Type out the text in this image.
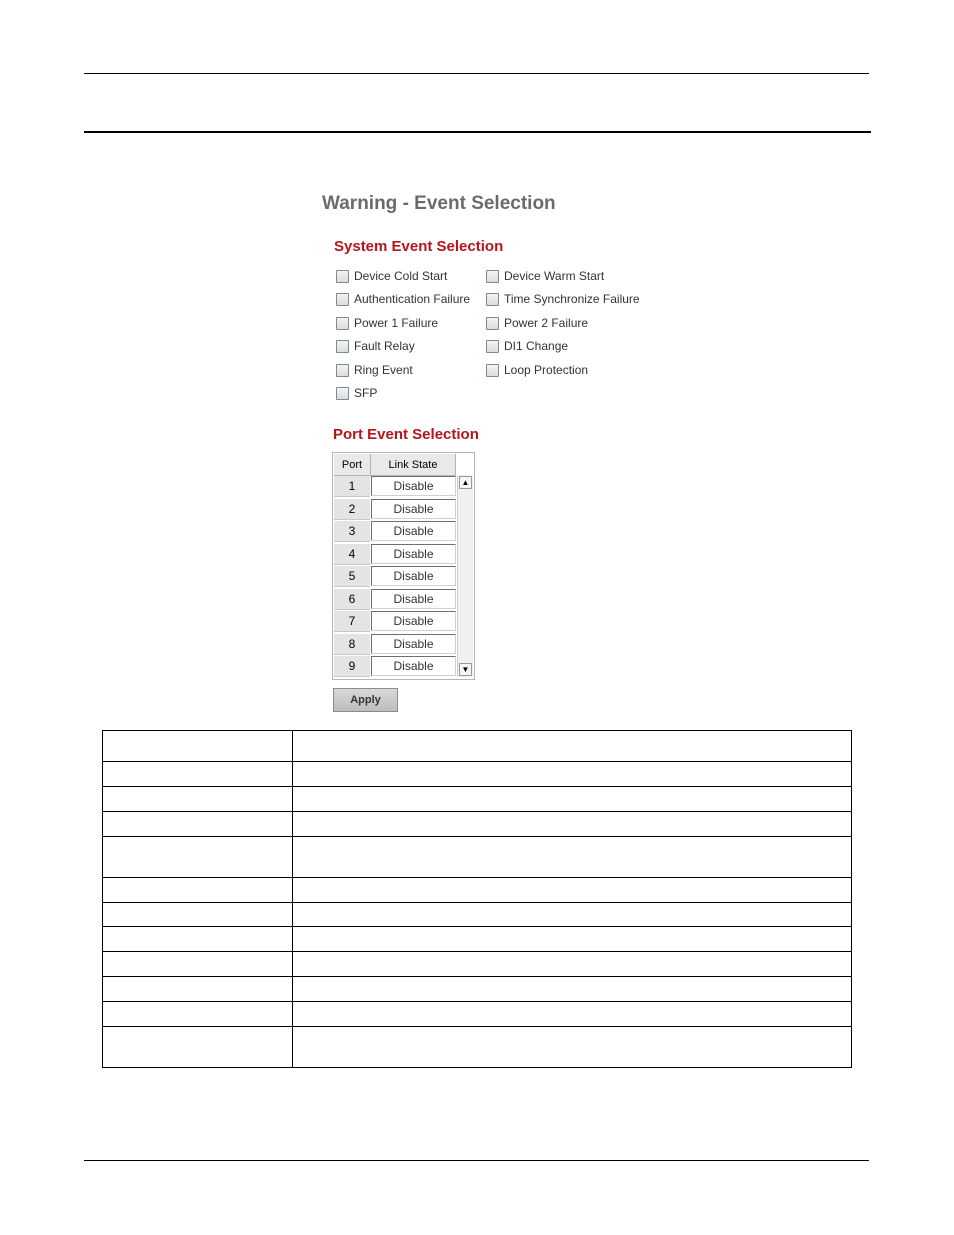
Warning - Event Selection
System Event Selection
Device Cold Start	Device Warm Start
Authentication Failure	Time Synchronize Failure
Power 1 Failure	Power 2 Failure
Fault Relay	DI1 Change
Ring Event	Loop Protection
SFP
Port Event Selection
Port	Link State
1	Disable
2	Disable
3	Disable
4	Disable
5	Disable
6	Disable
7	Disable
8	Disable
9	Disable
▲
▼
Apply
